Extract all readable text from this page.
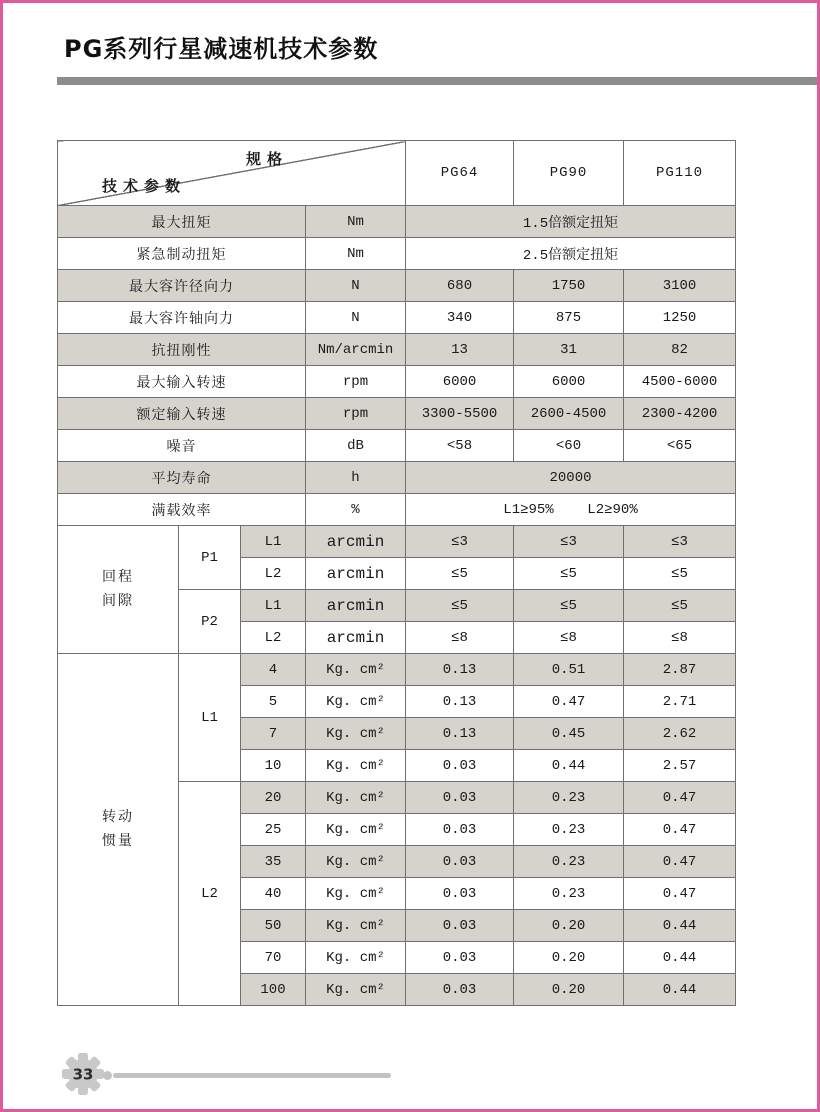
PG系列行星减速机技术参数

规格

技术参数				PG64	PG90	PG110
最大扭矩			Nm	1.5倍额定扭矩		
紧急制动扭矩			Nm	2.5倍额定扭矩		
最大容许径向力			N	680	1750	3100
最大容许轴向力			N	340	875	1250
抗扭刚性			Nm/arcmin	13	31	82
最大输入转速			rpm	6000	6000	4500-6000
额定输入转速			rpm	3300-5500	2600-4500	2300-4200
噪音			dB	<58	<60	<65
平均寿命			h	20000		
满载效率			%	L1≥95%    L2≥90%		
回程
间隙	P1	L1	arcmin	≤3	≤3	≤3
		L2	arcmin	≤5	≤5	≤5
	P2	L1	arcmin	≤5	≤5	≤5
		L2	arcmin	≤8	≤8	≤8
转动
惯量	L1	4	Kg. cm²	0.13	0.51	2.87
		5	Kg. cm²	0.13	0.47	2.71
		7	Kg. cm²	0.13	0.45	2.62
		10	Kg. cm²	0.03	0.44	2.57
	L2	20	Kg. cm²	0.03	0.23	0.47
		25	Kg. cm²	0.03	0.23	0.47
		35	Kg. cm²	0.03	0.23	0.47
		40	Kg. cm²	0.03	0.23	0.47
		50	Kg. cm²	0.03	0.20	0.44
		70	Kg. cm²	0.03	0.20	0.44
		100	Kg. cm²	0.03	0.20	0.44
33
